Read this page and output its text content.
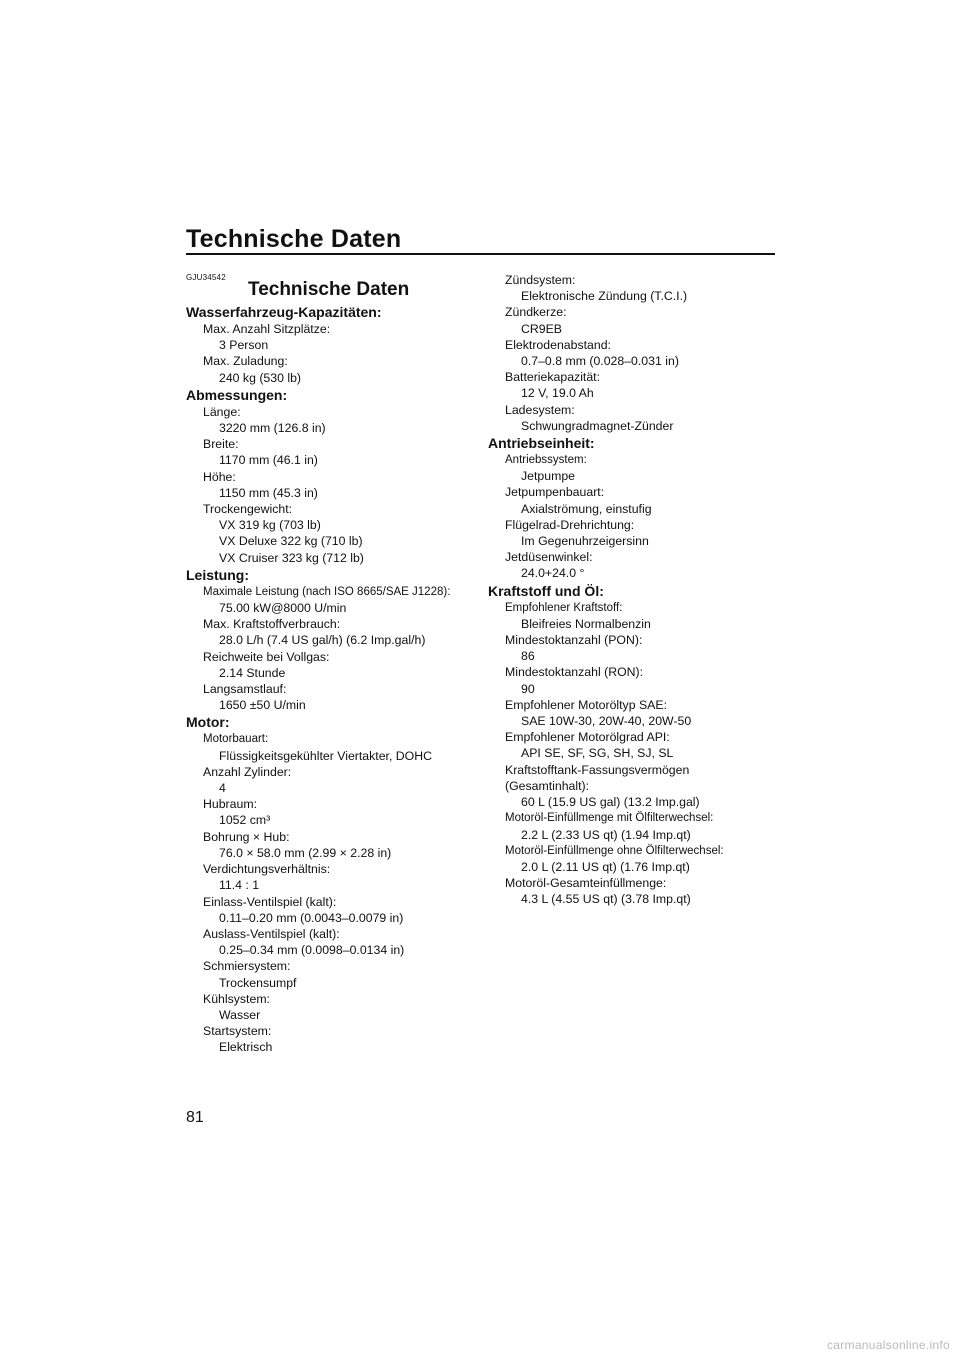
Technische Daten
GJU34542
Technische Daten
Wasserfahrzeug-Kapazitäten:
Max. Anzahl Sitzplätze:
3 Person
Max. Zuladung:
240 kg (530 lb)
Abmessungen:
Länge:
3220 mm (126.8 in)
Breite:
1170 mm (46.1 in)
Höhe:
1150 mm (45.3 in)
Trockengewicht:
VX 319 kg (703 lb)
VX Deluxe 322 kg (710 lb)
VX Cruiser 323 kg (712 lb)
Leistung:
Maximale Leistung (nach ISO 8665/SAE J1228):
75.00 kW@8000 U/min
Max. Kraftstoffverbrauch:
28.0 L/h (7.4 US gal/h) (6.2 Imp.gal/h)
Reichweite bei Vollgas:
2.14 Stunde
Langsamstlauf:
1650 ±50 U/min
Motor:
Motorbauart:
Flüssigkeitsgekühlter Viertakter, DOHC
Anzahl Zylinder:
4
Hubraum:
1052 cm³
Bohrung × Hub:
76.0 × 58.0 mm (2.99 × 2.28 in)
Verdichtungsverhältnis:
11.4 : 1
Einlass-Ventilspiel (kalt):
0.11–0.20 mm (0.0043–0.0079 in)
Auslass-Ventilspiel (kalt):
0.25–0.34 mm (0.0098–0.0134 in)
Schmiersystem:
Trockensumpf
Kühlsystem:
Wasser
Startsystem:
Elektrisch
Zündsystem:
Elektronische Zündung (T.C.I.)
Zündkerze:
CR9EB
Elektrodenabstand:
0.7–0.8 mm (0.028–0.031 in)
Batteriekapazität:
12 V, 19.0 Ah
Ladesystem:
Schwungradmagnet-Zünder
Antriebseinheit:
Antriebssystem:
Jetpumpe
Jetpumpenbauart:
Axialströmung, einstufig
Flügelrad-Drehrichtung:
Im Gegenuhrzeigersinn
Jetdüsenwinkel:
24.0+24.0 °
Kraftstoff und Öl:
Empfohlener Kraftstoff:
Bleifreies Normalbenzin
Mindestoktanzahl (PON):
86
Mindestoktanzahl (RON):
90
Empfohlener Motoröltyp SAE:
SAE 10W-30, 20W-40, 20W-50
Empfohlener Motorölgrad API:
API SE, SF, SG, SH, SJ, SL
Kraftstofftank-Fassungsvermögen
(Gesamtinhalt):
60 L (15.9 US gal) (13.2 Imp.gal)
Motoröl-Einfüllmenge mit Ölfilterwechsel:
2.2 L (2.33 US qt) (1.94 Imp.qt)
Motoröl-Einfüllmenge ohne Ölfilterwechsel:
2.0 L (2.11 US qt) (1.76 Imp.qt)
Motoröl-Gesamteinfüllmenge:
4.3 L (4.55 US qt) (3.78 Imp.qt)
81
carmanualsonline.info
